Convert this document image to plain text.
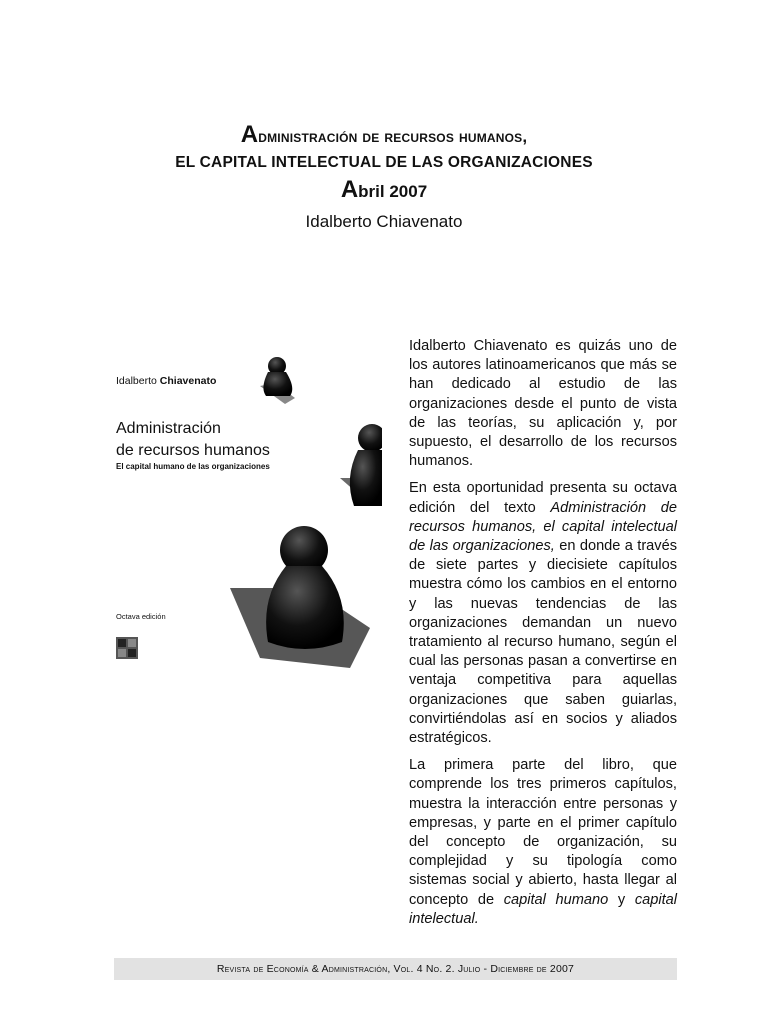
Administración de recursos humanos,
EL CAPITAL INTELECTUAL DE LAS ORGANIZACIONES
Abril 2007
Idalberto Chiavenato
Idalberto Chiavenato
Administración
de recursos humanos
El capital humano de las organizaciones
Octava edición

Idalberto Chiavenato es quizás uno de los autores latinoamericanos que más se han dedicado al estudio de las organizaciones desde el punto de vista de las teorías, su aplicación y, por supuesto, el desarrollo de los recursos humanos.

En esta oportunidad presenta su octava edición del texto Administración de recursos humanos, el capital intelectual de las organizaciones, en donde a través de siete partes y diecisiete capítulos muestra cómo los cambios en el entorno y las nuevas tendencias de las organizaciones demandan un nuevo tratamiento al recurso humano, según el cual las personas pasan a convertirse en ventaja competitiva para aquellas organizaciones que saben guiarlas, convirtiéndolas así en socios y aliados estratégicos.

La primera parte del libro, que comprende los tres primeros capítulos, muestra la interacción entre personas y empresas, y parte en el primer capítulo del concepto de organización, su complejidad y su tipología como sistemas social y abierto, hasta llegar al concepto de capital humano y capital intelectual.

Revista de Economía & Administración, Vol. 4 No. 2. Julio - Diciembre de 2007
